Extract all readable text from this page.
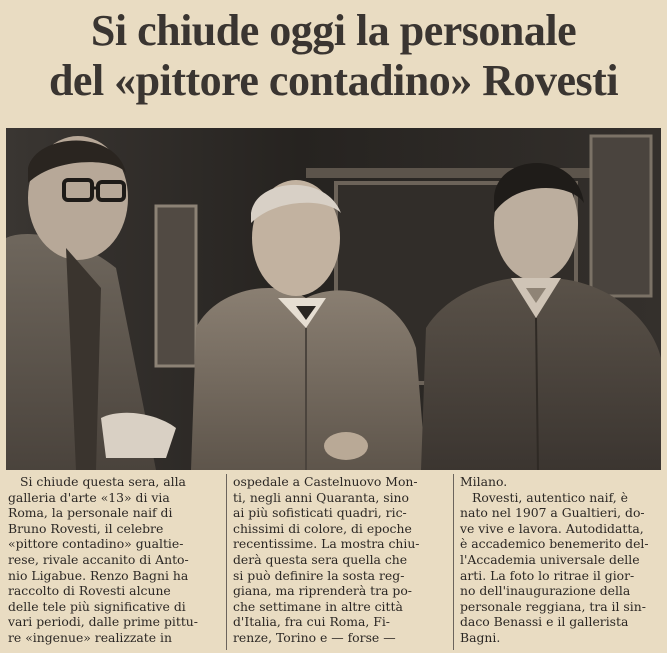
Si chiude oggi la personale
del «pittore contadino» Rovesti
Si chiude questa sera, alla
galleria d'arte «13» di via
Roma, la personale naif di
Bruno Rovesti, il celebre
«pittore contadino» gualtie-
rese, rivale accanito di Anto-
nio Ligabue. Renzo Bagni ha
raccolto di Rovesti alcune
delle tele più significative di
vari periodi, dalle prime pittu-
re «ingenue» realizzate in
ospedale a Castelnuovo Mon-
ti, negli anni Quaranta, sino
ai più sofisticati quadri, ric-
chissimi di colore, di epoche
recentissime. La mostra chiu-
derà questa sera quella che
si può definire la sosta reg-
giana, ma riprenderà tra po-
che settimane in altre città
d'Italia, fra cui Roma, Fi-
renze, Torino e — forse —
Milano.
Rovesti, autentico naif, è
nato nel 1907 a Gualtieri, do-
ve vive e lavora. Autodidatta,
è accademico benemerito del-
l'Accademia universale delle
arti. La foto lo ritrae il gior-
no dell'inaugurazione della
personale reggiana, tra il sin-
daco Benassi e il gallerista
Bagni.
